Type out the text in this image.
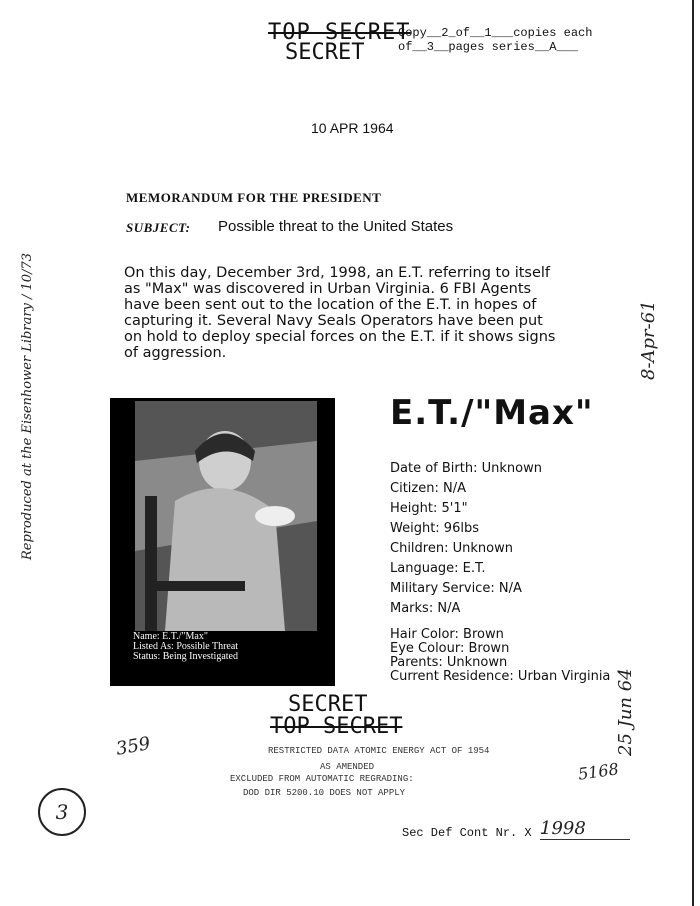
TOP SECRET
SECRET
Copy__2_of__1___copies each
of__3__pages series__A___
10 APR 1964
MEMORANDUM FOR THE PRESIDENT
SUBJECT: Possible threat to the United States
On this day, December 3rd, 1998, an E.T. referring to itself as "Max" was discovered in Urban Virginia. 6 FBI Agents have been sent out to the location of the E.T. in hopes of capturing it. Several Navy Seals Operators have been put on hold to deploy special forces on the E.T. if it shows signs of aggression.
Name: E.T./"Max"
Listed As: Possible Threat
Status: Being Investigated
E.T./"Max"
Date of Birth: Unknown
Citizen: N/A
Height: 5'1"
Weight: 96lbs
Children: Unknown
Language: E.T.
Military Service: N/A
Marks: N/A
Hair Color: Brown
Eye Colour: Brown
Parents: Unknown
Current Residence: Urban Virginia
SECRET
TOP SECRET
RESTRICTED DATA ATOMIC ENERGY ACT OF 1954
AS AMENDED
EXCLUDED FROM AUTOMATIC REGRADING:
DOD DIR 5200.10 DOES NOT APPLY
Sec Def Cont Nr. X -
1998
5168
359
3
Reproduced at the Eisenhower Library / 10/73	8-Apr-61
25 Jun 64
